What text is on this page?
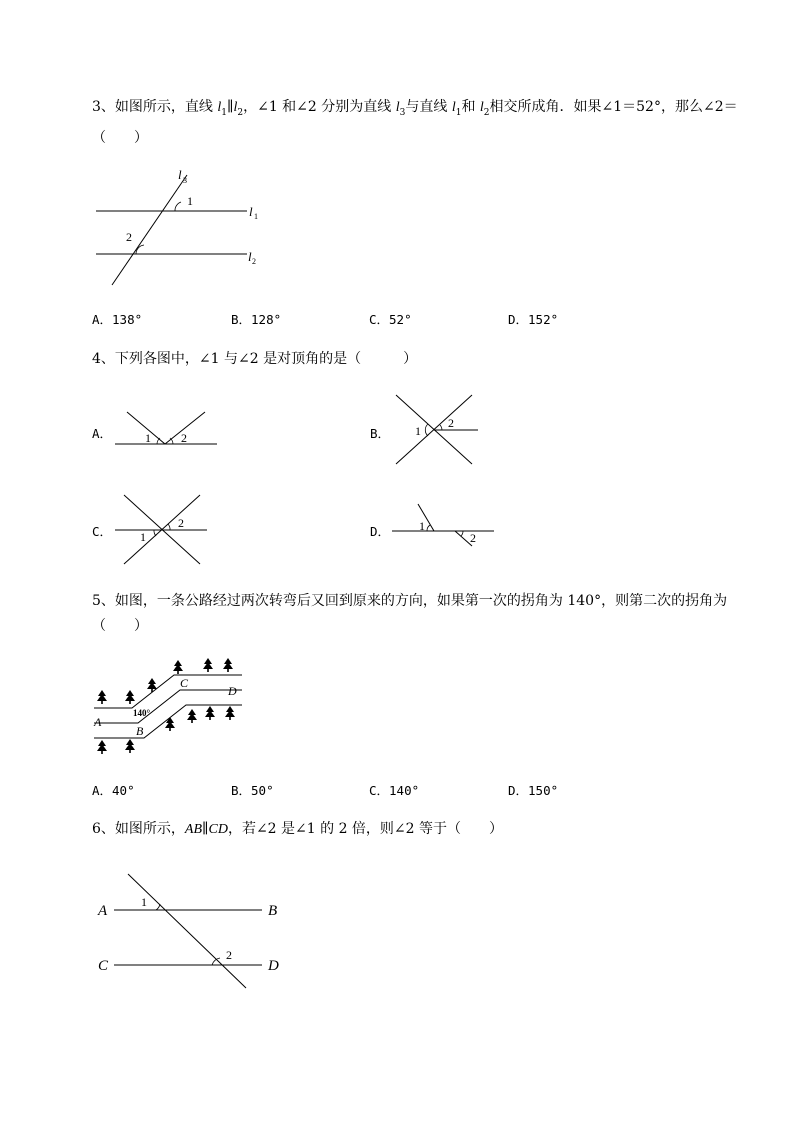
3、如图所示，直线 $l_1\parallel l_2$，∠1 和∠2 分别为直线 $l_3$与直线 $l_1$和 $l_2$相交所成角．如果∠1＝52°，那么∠2＝（　　）
l 3
l 1
l 2
1
2
A．138°	B．128°	C．52°	D．152°
4、下列各图中，∠1 与∠2 是对顶角的是（　　　）
A．	1	2	B． 1
2
C． 1
2
D． 1
2
5、如图，一条公路经过两次转弯后又回到原来的方向，如果第一次的拐角为 140°，则第二次的拐角为（　　）
A
B
C
D
140°
A．40°	B．50°	C．140°	D．150°
6、如图所示，AB∥CD，若∠2 是∠1 的 2 倍，则∠2 等于（　　）
A	B
C	D
1
2
